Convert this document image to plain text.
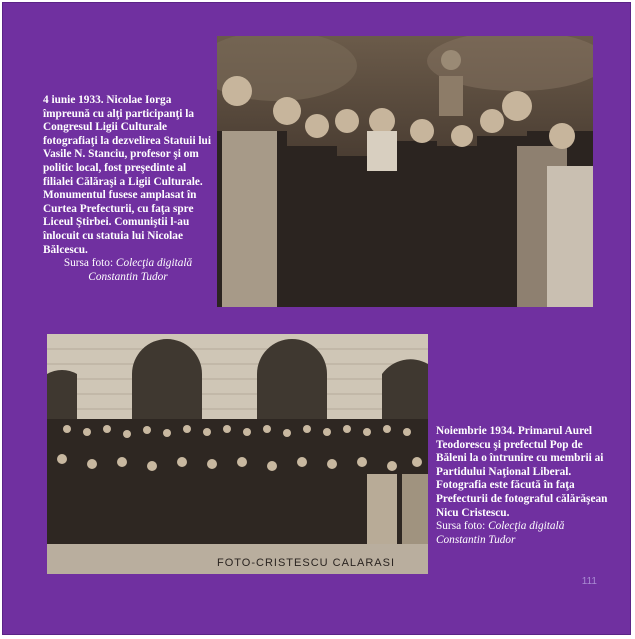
4 iunie 1933. Nicolae Iorga împreună cu alţi participanţi la Congresul Ligii Culturale fotografiaţi la dezvelirea Statuii lui Vasile N. Stanciu, profesor şi om politic local, fost preşedinte al filialei Călăraşi a Ligii Culturale. Monumentul fusese amplasat în Curtea Prefecturii, cu faţa spre Liceul Ştirbei. Comuniştii l-au înlocuit cu statuia lui Nicolae Bălcescu.

Sursa foto: Colecţia digitală Constantin Tudor

FOTO-CRISTESCU CALARASI

Noiembrie 1934. Primarul Aurel Teodorescu şi prefectul Pop de Băleni la o întrunire cu membrii ai Partidului Naţional Liberal. Fotografia este făcută în faţa Prefecturii de fotograful călărăşean Nicu Cristescu.

Sursa foto: Colecţia digitală Constantin Tudor

111
